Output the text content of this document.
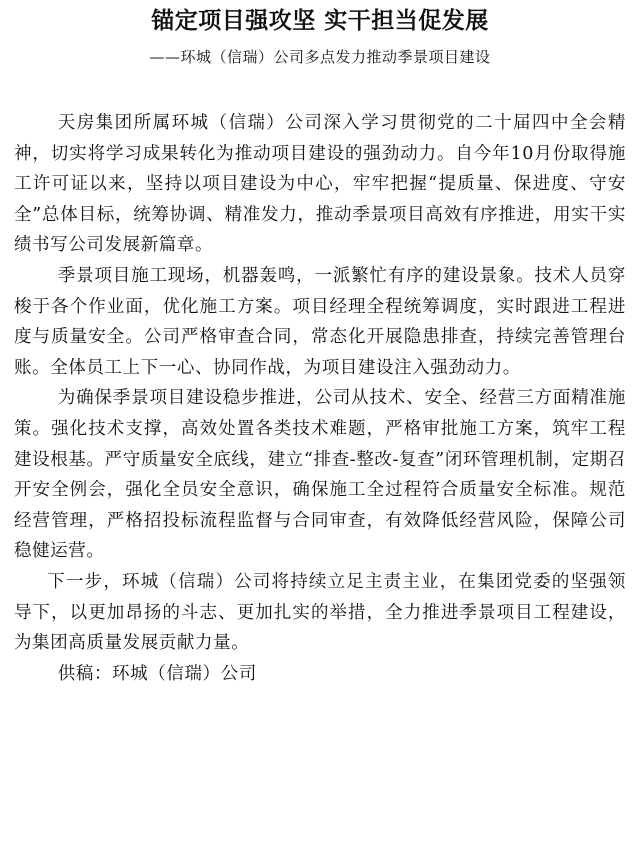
锚定项目强攻坚 实干担当促发展

——环城（信瑞）公司多点发力推动季景项目建设

天房集团所属环城（信瑞）公司深入学习贯彻党的二十届四中全会精神，切实将学习成果转化为推动项目建设的强劲动力。自今年10月份取得施工许可证以来，坚持以项目建设为中心，牢牢把握“提质量、保进度、守安全”总体目标，统筹协调、精准发力，推动季景项目高效有序推进，用实干实绩书写公司发展新篇章。

季景项目施工现场，机器轰鸣，一派繁忙有序的建设景象。技术人员穿梭于各个作业面，优化施工方案。项目经理全程统筹调度，实时跟进工程进度与质量安全。公司严格审查合同，常态化开展隐患排查，持续完善管理台账。全体员工上下一心、协同作战，为项目建设注入强劲动力。

为确保季景项目建设稳步推进，公司从技术、安全、经营三方面精准施策。强化技术支撑，高效处置各类技术难题，严格审批施工方案，筑牢工程建设根基。严守质量安全底线，建立“排查-整改-复查”闭环管理机制，定期召开安全例会，强化全员安全意识，确保施工全过程符合质量安全标准。规范经营管理，严格招投标流程监督与合同审查，有效降低经营风险，保障公司稳健运营。

下一步，环城（信瑞）公司将持续立足主责主业，在集团党委的坚强领导下，以更加昂扬的斗志、更加扎实的举措，全力推进季景项目工程建设，为集团高质量发展贡献力量。

供稿：环城（信瑞）公司
